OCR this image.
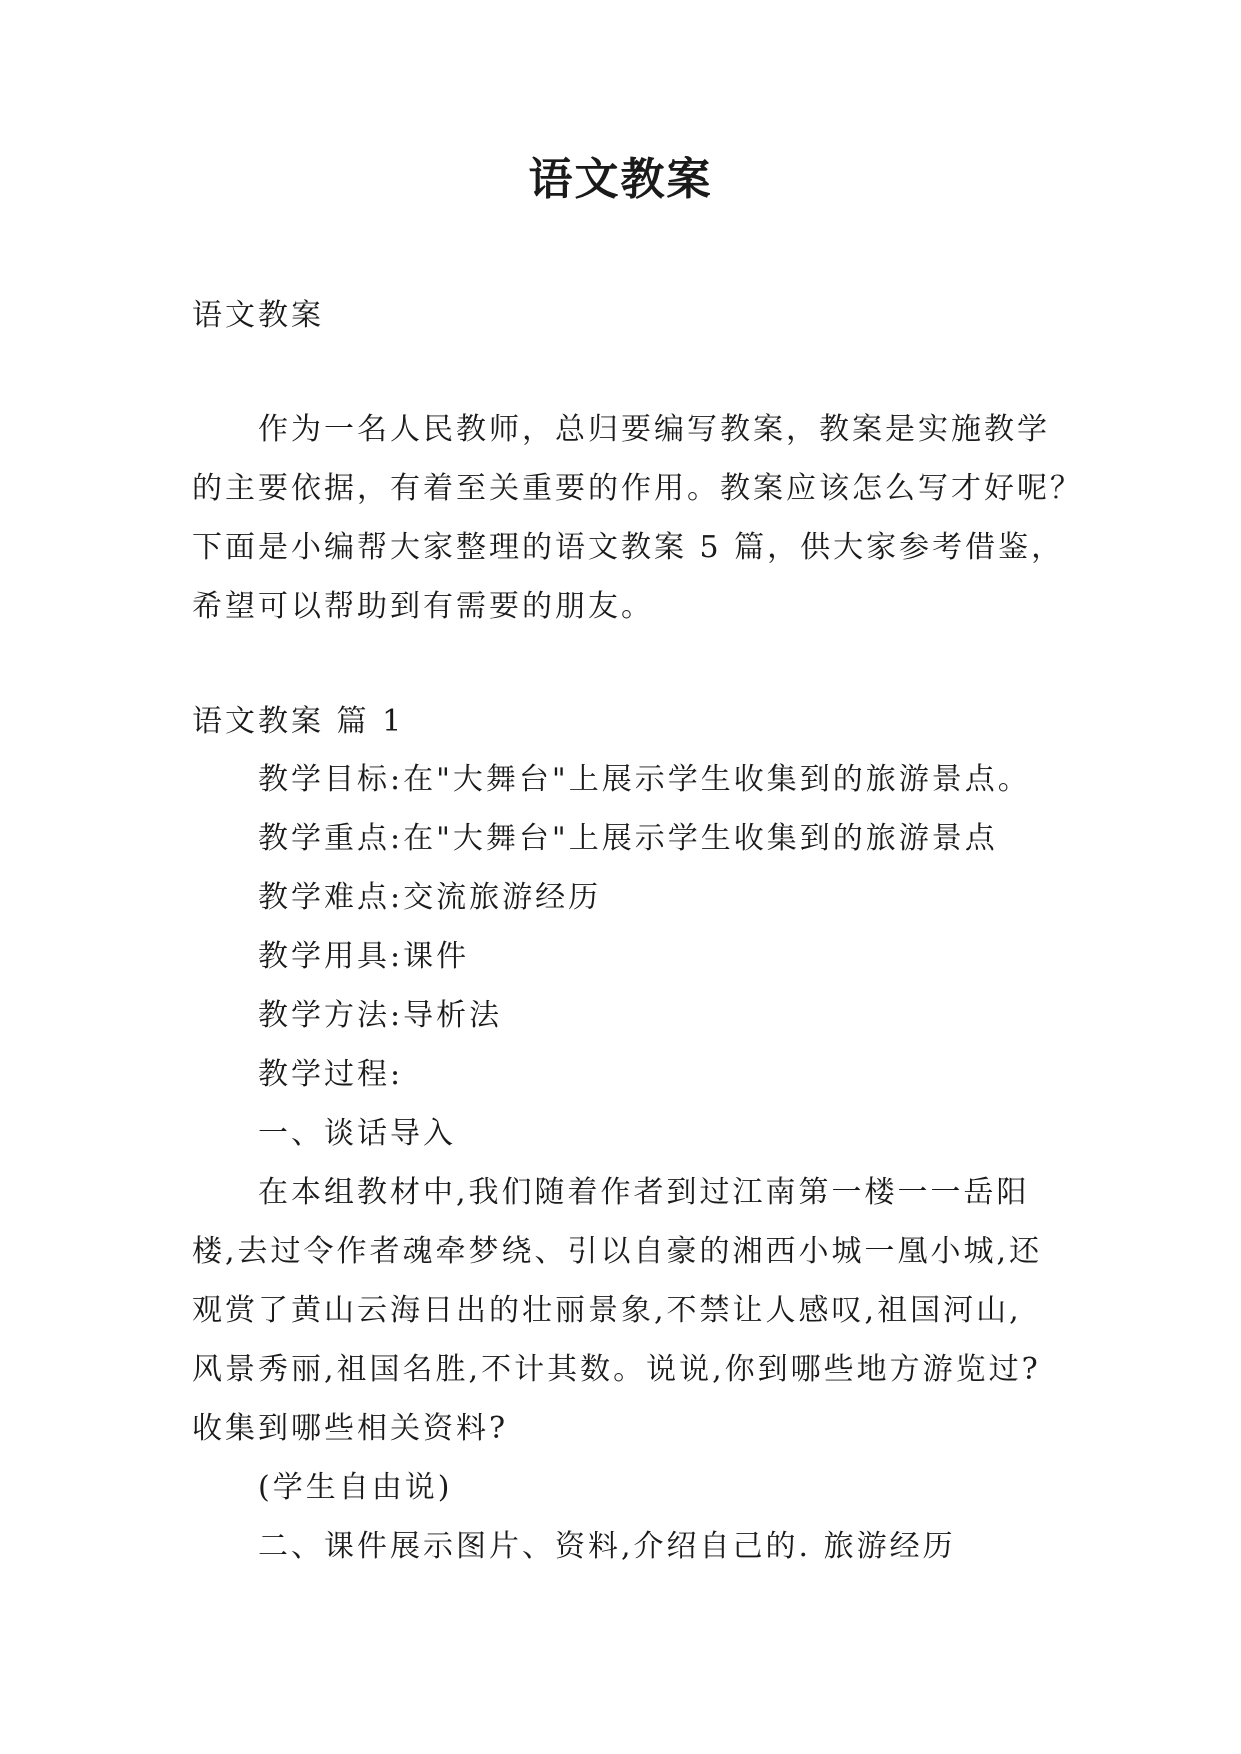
语文教案

语文教案

作为一名人民教师，总归要编写教案，教案是实施教学

的主要依据，有着至关重要的作用。教案应该怎么写才好呢？

下面是小编帮大家整理的语文教案 5 篇，供大家参考借鉴，

希望可以帮助到有需要的朋友。

语文教案 篇 1

教学目标:在"大舞台"上展示学生收集到的旅游景点。

教学重点:在"大舞台"上展示学生收集到的旅游景点

教学难点:交流旅游经历

教学用具:课件

教学方法:导析法

教学过程:

一、谈话导入

在本组教材中,我们随着作者到过江南第一楼一一岳阳

楼,去过令作者魂牵梦绕、引以自豪的湘西小城一凰小城,还

观赏了黄山云海日出的壮丽景象,不禁让人感叹,祖国河山,

风景秀丽,祖国名胜,不计其数。说说,你到哪些地方游览过?

收集到哪些相关资料?

(学生自由说)

二、课件展示图片、资料,介绍自己的. 旅游经历
